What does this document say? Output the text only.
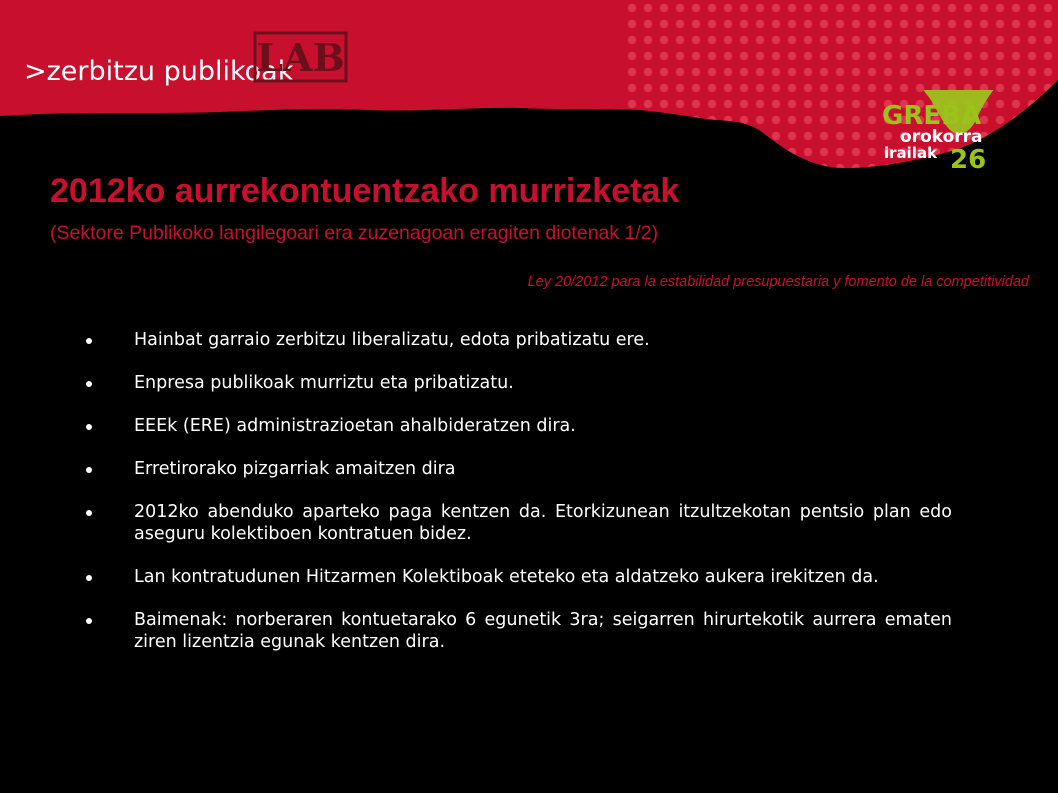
>zerbitzu publikoak
LAB
GREBA
orokorra
irailak 26
2012ko aurrekontuentzako murrizketak
(Sektore Publikoko langilegoari era zuzenagoan eragiten diotenak 1/2)
Ley 20/2012 para la estabilidad presupuestaria y fomento de la competitividad
Hainbat garraio zerbitzu liberalizatu, edota pribatizatu ere.
Enpresa publikoak murriztu eta pribatizatu.
EEEk (ERE) administrazioetan ahalbideratzen dira.
Erretirorako pizgarriak amaitzen dira
2012ko abenduko aparteko paga kentzen da. Etorkizunean itzultzekotan pentsio plan edo aseguru kolektiboen kontratuen bidez.
Lan kontratudunen Hitzarmen Kolektiboak eteteko eta aldatzeko aukera irekitzen da.
Baimenak: norberaren kontuetarako 6 egunetik 3ra; seigarren hirurtekotik aurrera ematen ziren lizentzia egunak kentzen dira.
